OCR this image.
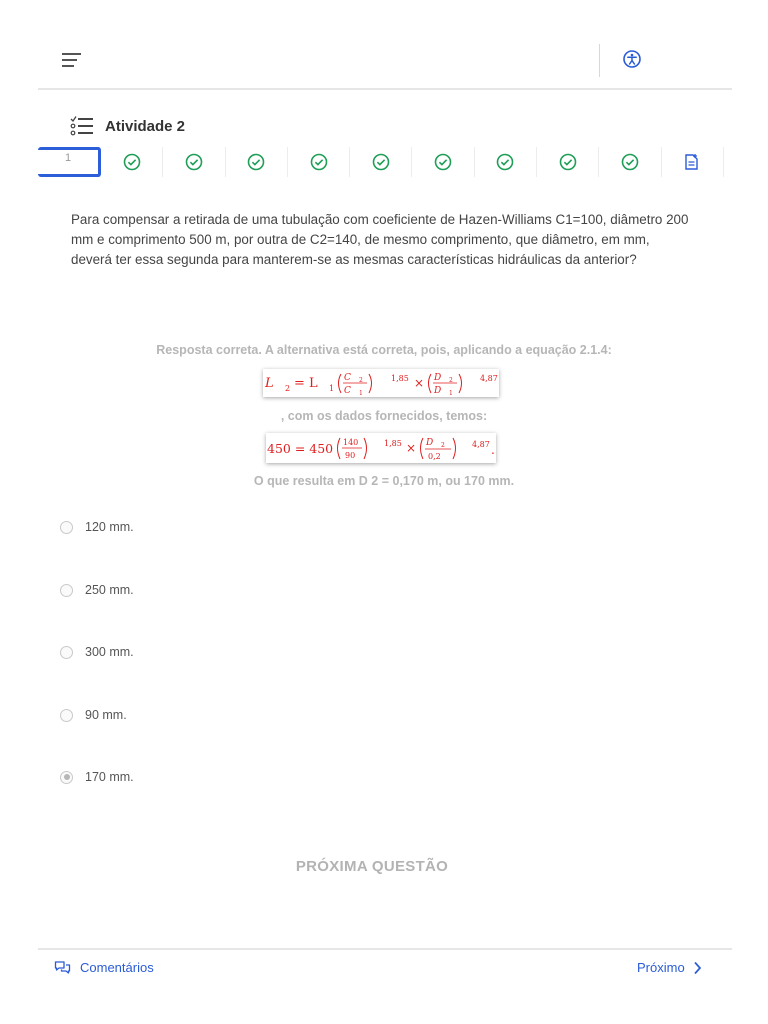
Atividade 2
1
Para compensar a retirada de uma tubulação com coeficiente de Hazen-Williams C1=100, diâmetro 200 mm e comprimento 500 m, por outra de C2=140, de mesmo comprimento, que diâmetro, em mm, deverá ter essa segunda para manterem-se as mesmas características hidráulicas da anterior?
Resposta correta. A alternativa está correta, pois, aplicando a equação 2.1.4:
L 2 = L 1
C 2
C 1
1,85 × D 2
D 1
4,87
, com os dados fornecidos, temos:
450 = 450 140
90
1,85 × D 2
0,2
4,87 .
O que resulta em D 2 = 0,170 m, ou 170 mm.
120 mm.
250 mm.
300 mm.
90 mm.
170 mm.
PRÓXIMA QUESTÃO
Comentários	Próximo
